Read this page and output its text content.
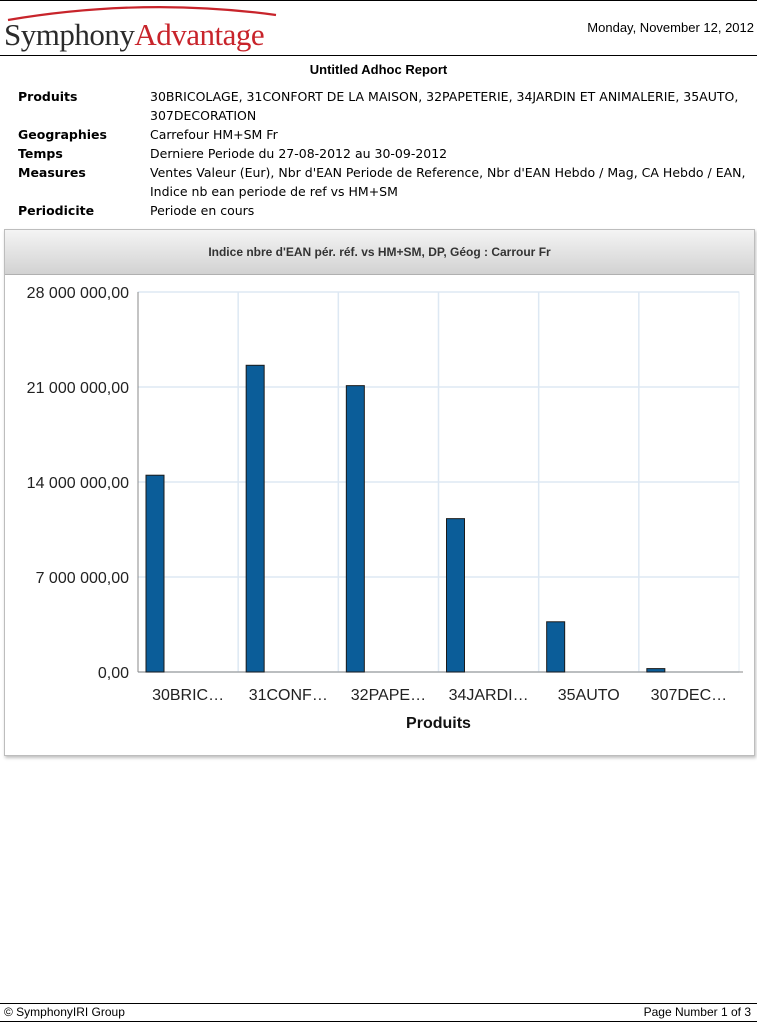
SymphonyAdvantage	Monday, November 12, 2012
Untitled Adhoc Report
Produits	30BRICOLAGE, 31CONFORT DE LA MAISON, 32PAPETERIE, 34JARDIN ET ANIMALERIE, 35AUTO, 307DECORATION
Geographies	Carrefour HM+SM Fr
Temps	Derniere Periode du 27-08-2012 au 30-09-2012
Measures	Ventes Valeur (Eur), Nbr d'EAN Periode de Reference, Nbr d'EAN Hebdo / Mag, CA Hebdo / EAN, Indice nb ean periode de ref vs HM+SM
Periodicite	Periode en cours
Indice nbre d'EAN pér. réf. vs HM+SM, DP, Géog : Carrour Fr
0,00
7 000 000,00
14 000 000,00
21 000 000,00
28 000 000,00
30BRIC… 31CONF… 32PAPE… 34JARDI… 35AUTO 307DEC…
Produits
© SymphonyIRI Group	Page Number 1 of 3
